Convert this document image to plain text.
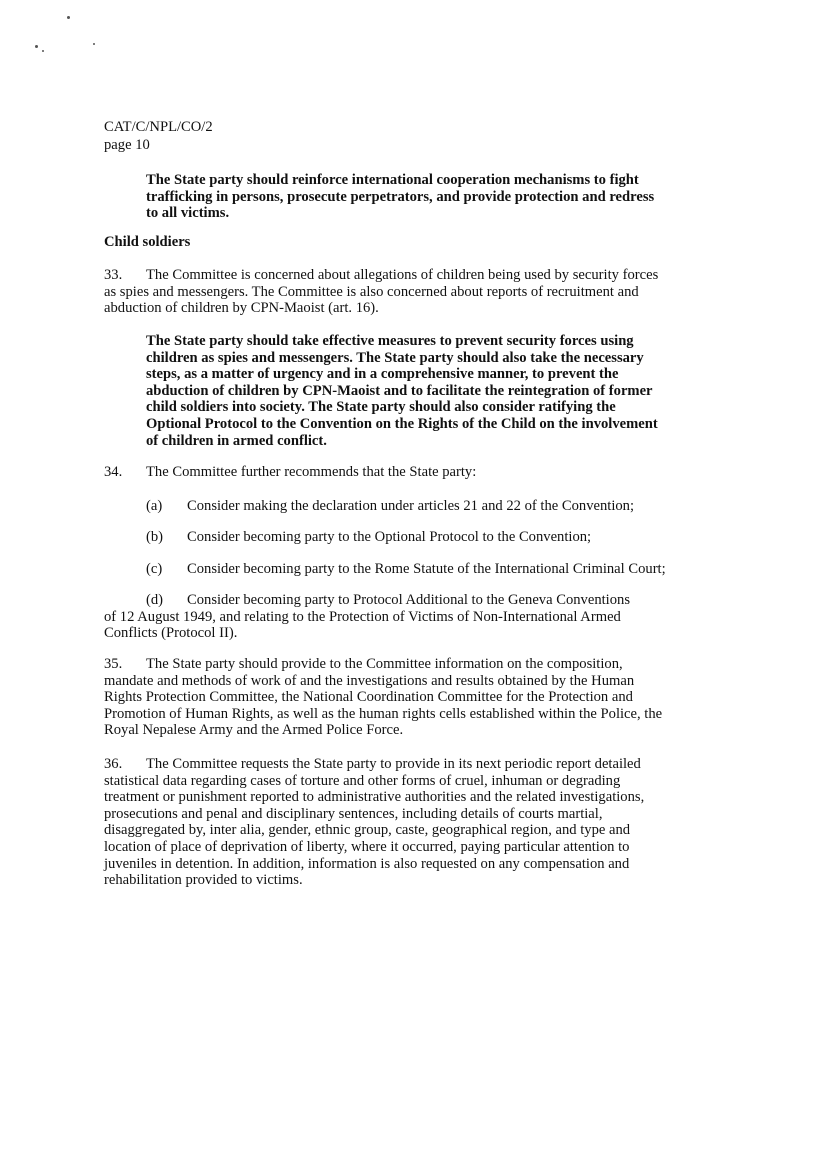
CAT/C/NPL/CO/2
page 10
The State party should reinforce international cooperation mechanisms to fight trafficking in persons, prosecute perpetrators, and provide protection and redress to all victims.
Child soldiers
33. The Committee is concerned about allegations of children being used by security forces as spies and messengers. The Committee is also concerned about reports of recruitment and abduction of children by CPN-Maoist (art. 16).
The State party should take effective measures to prevent security forces using children as spies and messengers. The State party should also take the necessary steps, as a matter of urgency and in a comprehensive manner, to prevent the abduction of children by CPN-Maoist and to facilitate the reintegration of former child soldiers into society. The State party should also consider ratifying the Optional Protocol to the Convention on the Rights of the Child on the involvement of children in armed conflict.
34. The Committee further recommends that the State party:
(a) Consider making the declaration under articles 21 and 22 of the Convention;
(b) Consider becoming party to the Optional Protocol to the Convention;
(c) Consider becoming party to the Rome Statute of the International Criminal Court;
(d) Consider becoming party to Protocol Additional to the Geneva Conventions of 12 August 1949, and relating to the Protection of Victims of Non-International Armed Conflicts (Protocol II).
35. The State party should provide to the Committee information on the composition, mandate and methods of work of and the investigations and results obtained by the Human Rights Protection Committee, the National Coordination Committee for the Protection and Promotion of Human Rights, as well as the human rights cells established within the Police, the Royal Nepalese Army and the Armed Police Force.
36. The Committee requests the State party to provide in its next periodic report detailed statistical data regarding cases of torture and other forms of cruel, inhuman or degrading treatment or punishment reported to administrative authorities and the related investigations, prosecutions and penal and disciplinary sentences, including details of courts martial, disaggregated by, inter alia, gender, ethnic group, caste, geographical region, and type and location of place of deprivation of liberty, where it occurred, paying particular attention to juveniles in detention. In addition, information is also requested on any compensation and rehabilitation provided to victims.
